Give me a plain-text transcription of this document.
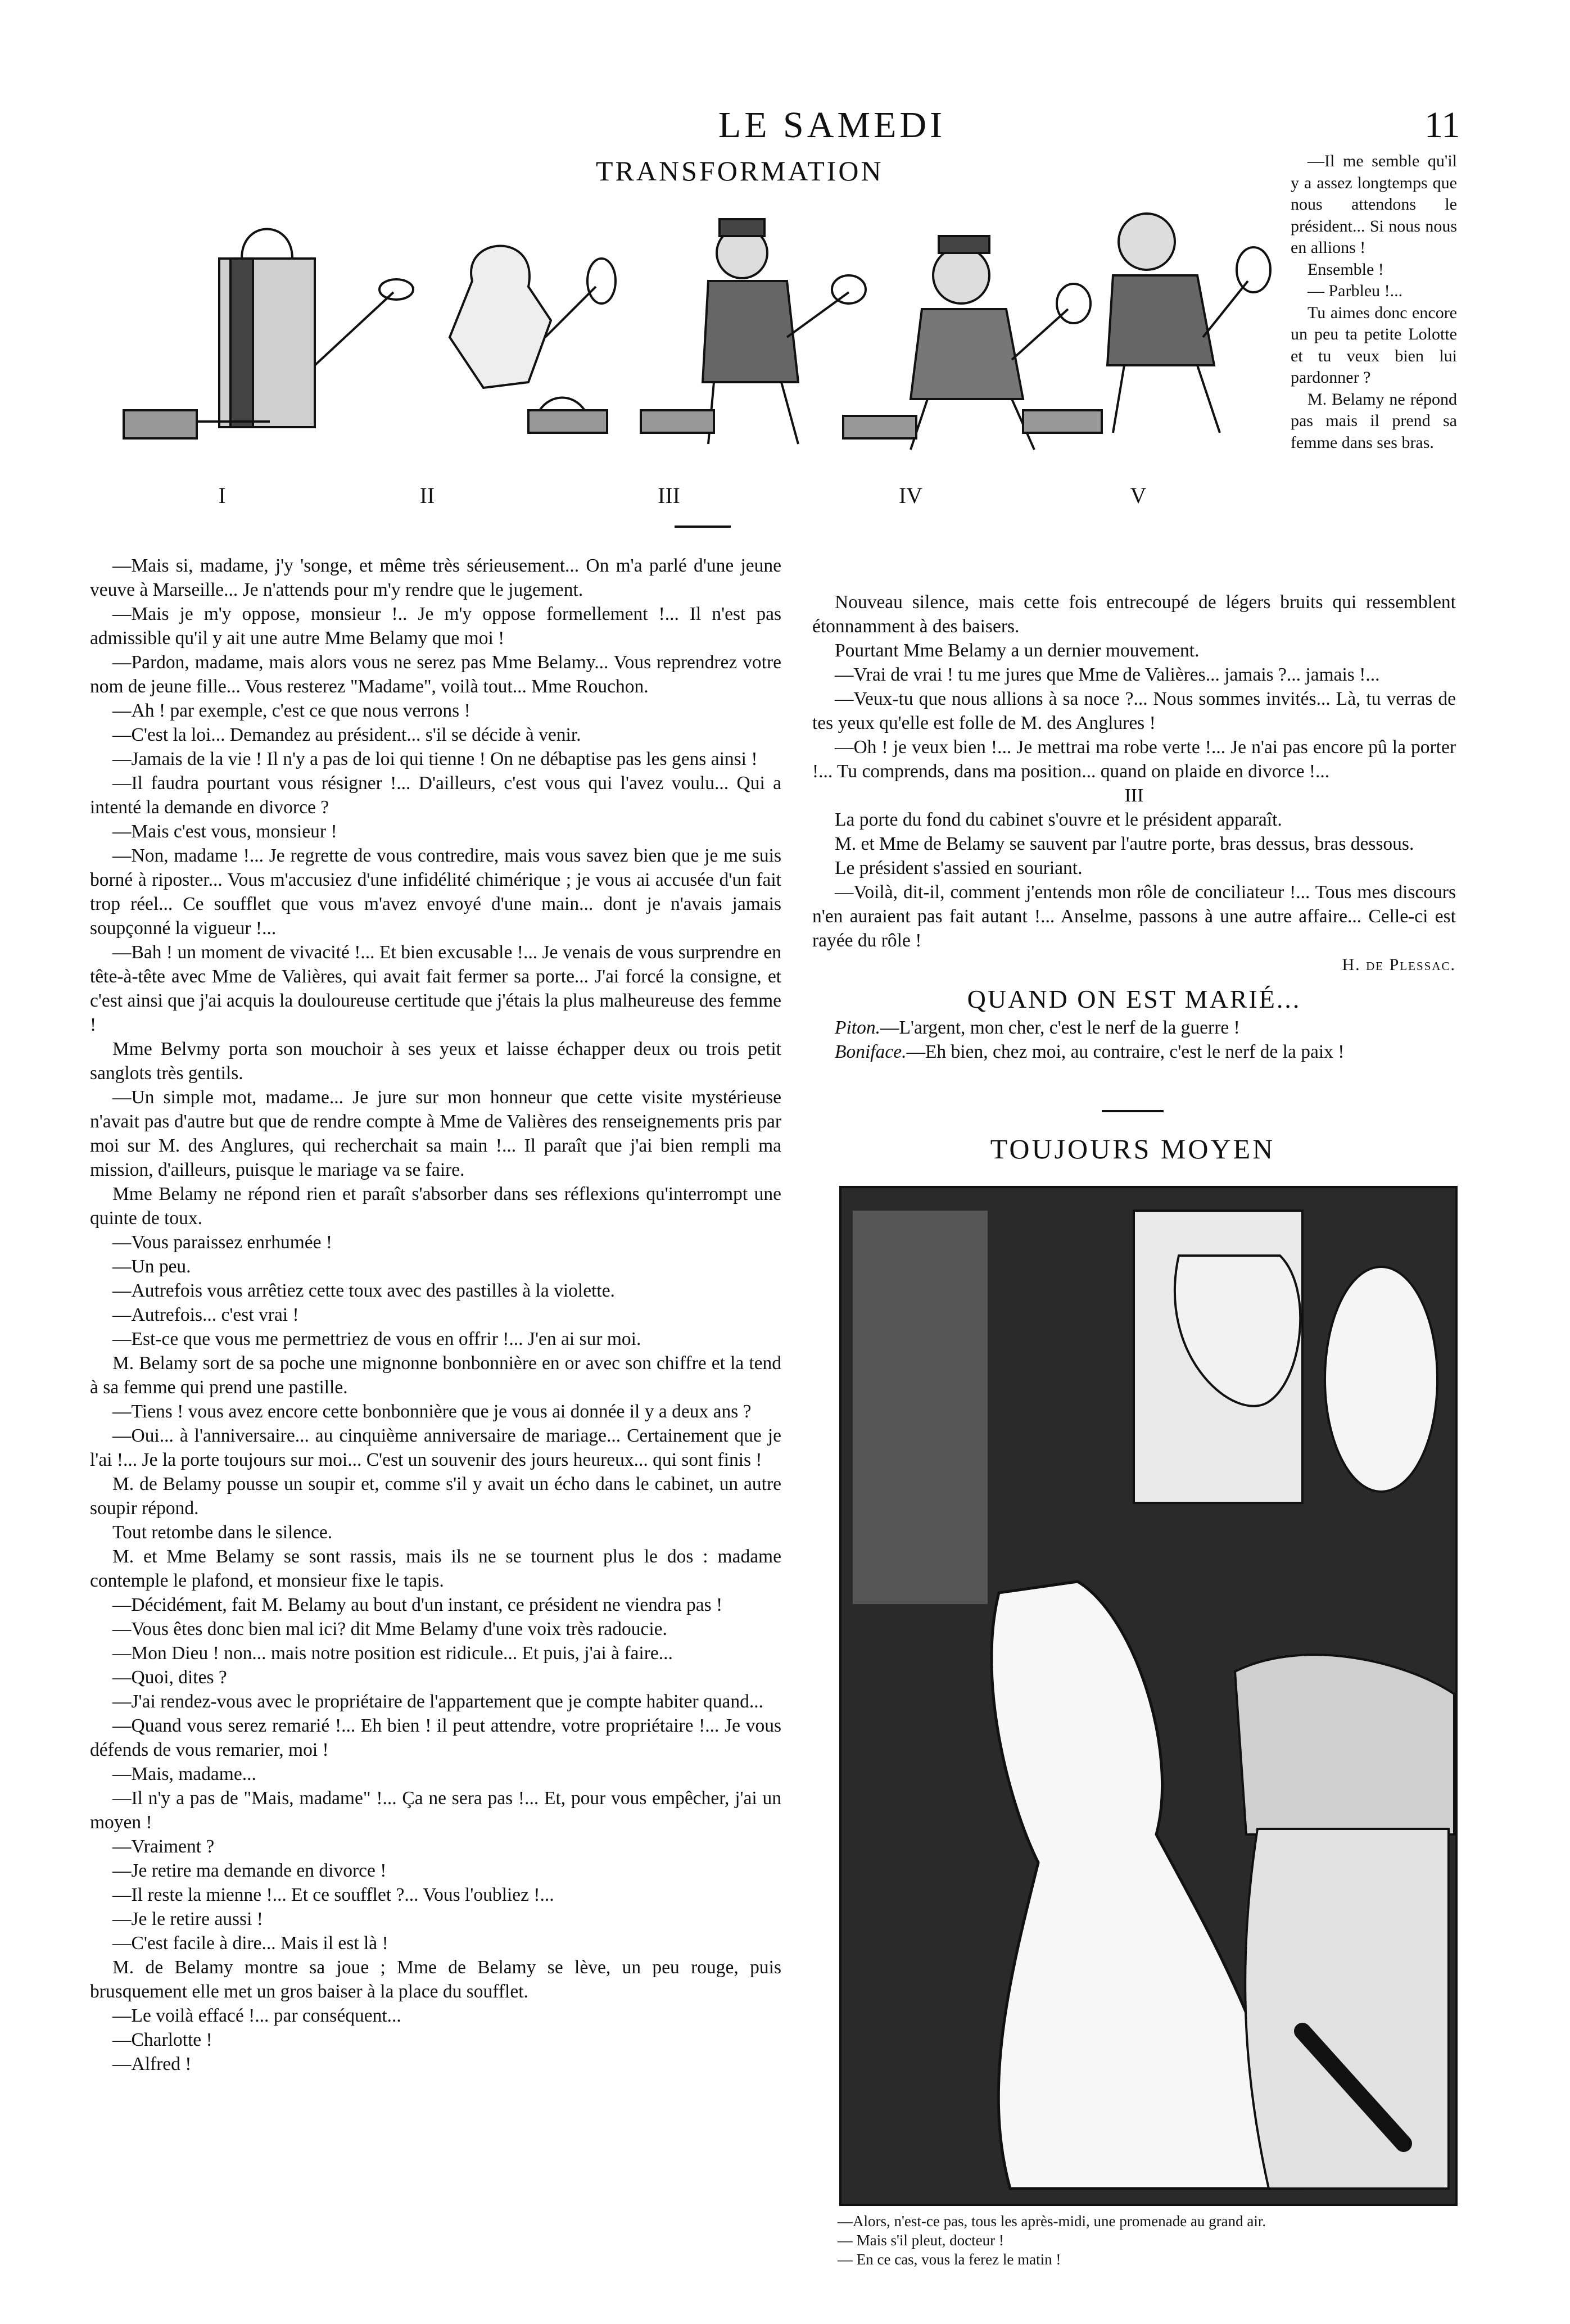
LE SAMEDI	11
TRANSFORMATION
I	II	III	IV	V

—Il me semble qu'il y a assez longtemps que nous attendons le président... Si nous nous en allions !

Ensemble !

— Parbleu !...

Tu aimes donc encore un peu ta petite Lolotte et tu veux bien lui pardonner ?

M. Belamy ne répond pas mais il prend sa femme dans ses bras.

—Mais si, madame, j'y 'songe, et même très sérieusement... On m'a parlé d'une jeune veuve à Marseille... Je n'attends pour m'y rendre que le jugement.

—Mais je m'y oppose, monsieur !.. Je m'y oppose formellement !... Il n'est pas admissible qu'il y ait une autre Mme Belamy que moi !

—Pardon, madame, mais alors vous ne serez pas Mme Belamy... Vous reprendrez votre nom de jeune fille... Vous resterez "Madame", voilà tout... Mme Rouchon.

—Ah ! par exemple, c'est ce que nous verrons !

—C'est la loi... Demandez au président... s'il se décide à venir.

—Jamais de la vie ! Il n'y a pas de loi qui tienne ! On ne débaptise pas les gens ainsi !

—Il faudra pourtant vous résigner !... D'ailleurs, c'est vous qui l'avez voulu... Qui a intenté la demande en divorce ?

—Mais c'est vous, monsieur !

—Non, madame !... Je regrette de vous contredire, mais vous savez bien que je me suis borné à riposter... Vous m'accusiez d'une infidélité chimérique ; je vous ai accusée d'un fait trop réel... Ce soufflet que vous m'avez envoyé d'une main... dont je n'avais jamais soupçonné la vigueur !...

—Bah ! un moment de vivacité !... Et bien excusable !... Je venais de vous surprendre en tête-à-tête avec Mme de Valières, qui avait fait fermer sa porte... J'ai forcé la consigne, et c'est ainsi que j'ai acquis la douloureuse certitude que j'étais la plus malheureuse des femme !

Mme Belvmy porta son mouchoir à ses yeux et laisse échapper deux ou trois petit sanglots très gentils.

—Un simple mot, madame... Je jure sur mon honneur que cette visite mystérieuse n'avait pas d'autre but que de rendre compte à Mme de Valières des renseignements pris par moi sur M. des Anglures, qui recherchait sa main !... Il paraît que j'ai bien rempli ma mission, d'ailleurs, puisque le mariage va se faire.

Mme Belamy ne répond rien et paraît s'absorber dans ses réflexions qu'interrompt une quinte de toux.

—Vous paraissez enrhumée !

—Un peu.

—Autrefois vous arrêtiez cette toux avec des pastilles à la violette.

—Autrefois... c'est vrai !

—Est-ce que vous me permettriez de vous en offrir !... J'en ai sur moi.

M. Belamy sort de sa poche une mignonne bonbonnière en or avec son chiffre et la tend à sa femme qui prend une pastille.

—Tiens ! vous avez encore cette bonbonnière que je vous ai donnée il y a deux ans ?

—Oui... à l'anniversaire... au cinquième anniversaire de mariage... Certainement que je l'ai !... Je la porte toujours sur moi... C'est un souvenir des jours heureux... qui sont finis !

M. de Belamy pousse un soupir et, comme s'il y avait un écho dans le cabinet, un autre soupir répond.

Tout retombe dans le silence.

M. et Mme Belamy se sont rassis, mais ils ne se tournent plus le dos : madame contemple le plafond, et monsieur fixe le tapis.

—Décidément, fait M. Belamy au bout d'un instant, ce président ne viendra pas !

—Vous êtes donc bien mal ici? dit Mme Belamy d'une voix très radoucie.

—Mon Dieu ! non... mais notre position est ridicule... Et puis, j'ai à faire...

—Quoi, dites ?

—J'ai rendez-vous avec le propriétaire de l'appartement que je compte habiter quand...

—Quand vous serez remarié !... Eh bien ! il peut attendre, votre propriétaire !... Je vous défends de vous remarier, moi !

—Mais, madame...

—Il n'y a pas de "Mais, madame" !... Ça ne sera pas !... Et, pour vous empêcher, j'ai un moyen !

—Vraiment ?

—Je retire ma demande en divorce !

—Il reste la mienne !... Et ce soufflet ?... Vous l'oubliez !...

—Je le retire aussi !

—C'est facile à dire... Mais il est là !

M. de Belamy montre sa joue ; Mme de Belamy se lève, un peu rouge, puis brusquement elle met un gros baiser à la place du soufflet.

—Le voilà effacé !... par conséquent...

—Charlotte !

—Alfred !

Nouveau silence, mais cette fois entrecoupé de légers bruits qui ressemblent étonnamment à des baisers.

Pourtant Mme Belamy a un dernier mouvement.

—Vrai de vrai ! tu me jures que Mme de Valières... jamais ?... jamais !...

—Veux-tu que nous allions à sa noce ?... Nous sommes invités... Là, tu verras de tes yeux qu'elle est folle de M. des Anglures !

—Oh ! je veux bien !... Je mettrai ma robe verte !... Je n'ai pas encore pû la porter !... Tu comprends, dans ma position... quand on plaide en divorce !...

III

La porte du fond du cabinet s'ouvre et le président apparaît.

M. et Mme de Belamy se sauvent par l'autre porte, bras dessus, bras dessous.

Le président s'assied en souriant.

—Voilà, dit-il, comment j'entends mon rôle de conciliateur !... Tous mes discours n'en auraient pas fait autant !... Anselme, passons à une autre affaire... Celle-ci est rayée du rôle !

H. de Plessac.

QUAND ON EST MARIÉ...

Piton.—L'argent, mon cher, c'est le nerf de la guerre !

Boniface.—Eh bien, chez moi, au contraire, c'est le nerf de la paix !

TOUJOURS MOYEN

—Alors, n'est-ce pas, tous les après-midi, une promenade au grand air.

— Mais s'il pleut, docteur !

— En ce cas, vous la ferez le matin !
